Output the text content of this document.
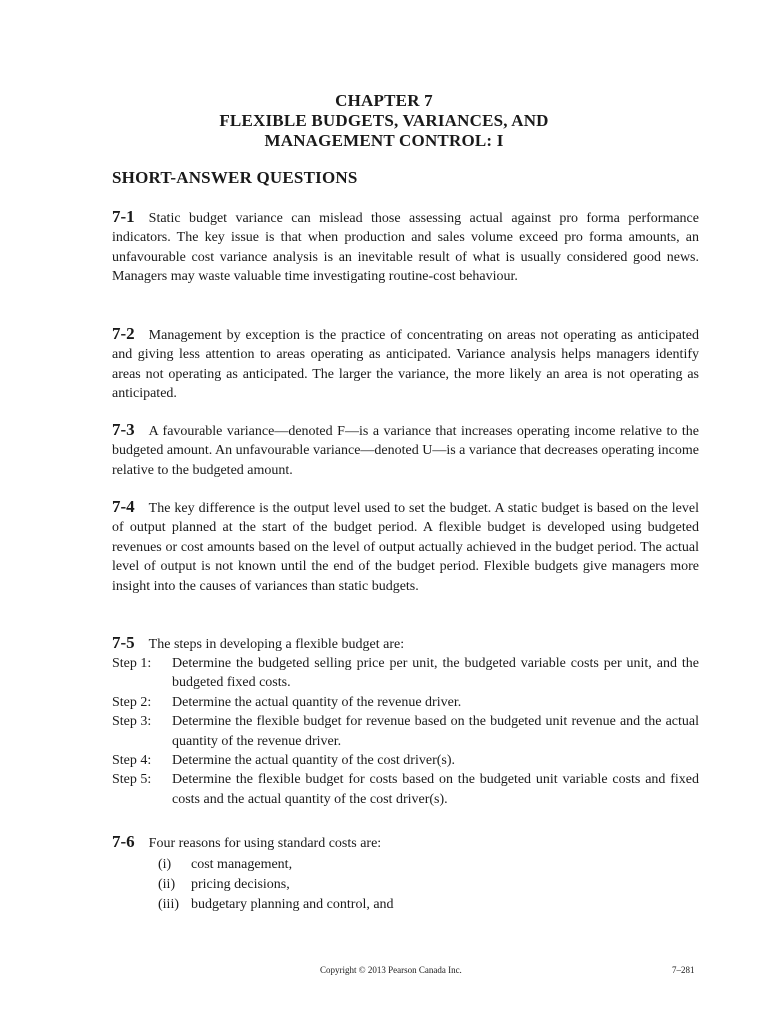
CHAPTER 7
FLEXIBLE BUDGETS, VARIANCES, AND
MANAGEMENT CONTROL: I
SHORT-ANSWER QUESTIONS

7-1 Static budget variance can mislead those assessing actual against pro forma performance indicators. The key issue is that when production and sales volume exceed pro forma amounts, an unfavourable cost variance analysis is an inevitable result of what is usually considered good news. Managers may waste valuable time investigating routine-cost behaviour.

7-2 Management by exception is the practice of concentrating on areas not operating as anticipated and giving less attention to areas operating as anticipated. Variance analysis helps managers identify areas not operating as anticipated. The larger the variance, the more likely an area is not operating as anticipated.

7-3 A favourable variance—denoted F—is a variance that increases operating income relative to the budgeted amount. An unfavourable variance—denoted U—is a variance that decreases operating income relative to the budgeted amount.

7-4 The key difference is the output level used to set the budget. A static budget is based on the level of output planned at the start of the budget period. A flexible budget is developed using budgeted revenues or cost amounts based on the level of output actually achieved in the budget period. The actual level of output is not known until the end of the budget period. Flexible budgets give managers more insight into the causes of variances than static budgets.

7-5 The steps in developing a flexible budget are:

Step 1:	Determine the budgeted selling price per unit, the budgeted variable costs per unit, and the budgeted fixed costs.
Step 2:	Determine the actual quantity of the revenue driver.
Step 3:	Determine the flexible budget for revenue based on the budgeted unit revenue and the actual quantity of the revenue driver.
Step 4:	Determine the actual quantity of the cost driver(s).
Step 5:	Determine the flexible budget for costs based on the budgeted unit variable costs and fixed costs and the actual quantity of the cost driver(s).

7-6 Four reasons for using standard costs are:

(i)	cost management,
(ii)	pricing decisions,
(iii) budgetary planning and control, and
Copyright © 2013 Pearson Canada Inc.	7–281
